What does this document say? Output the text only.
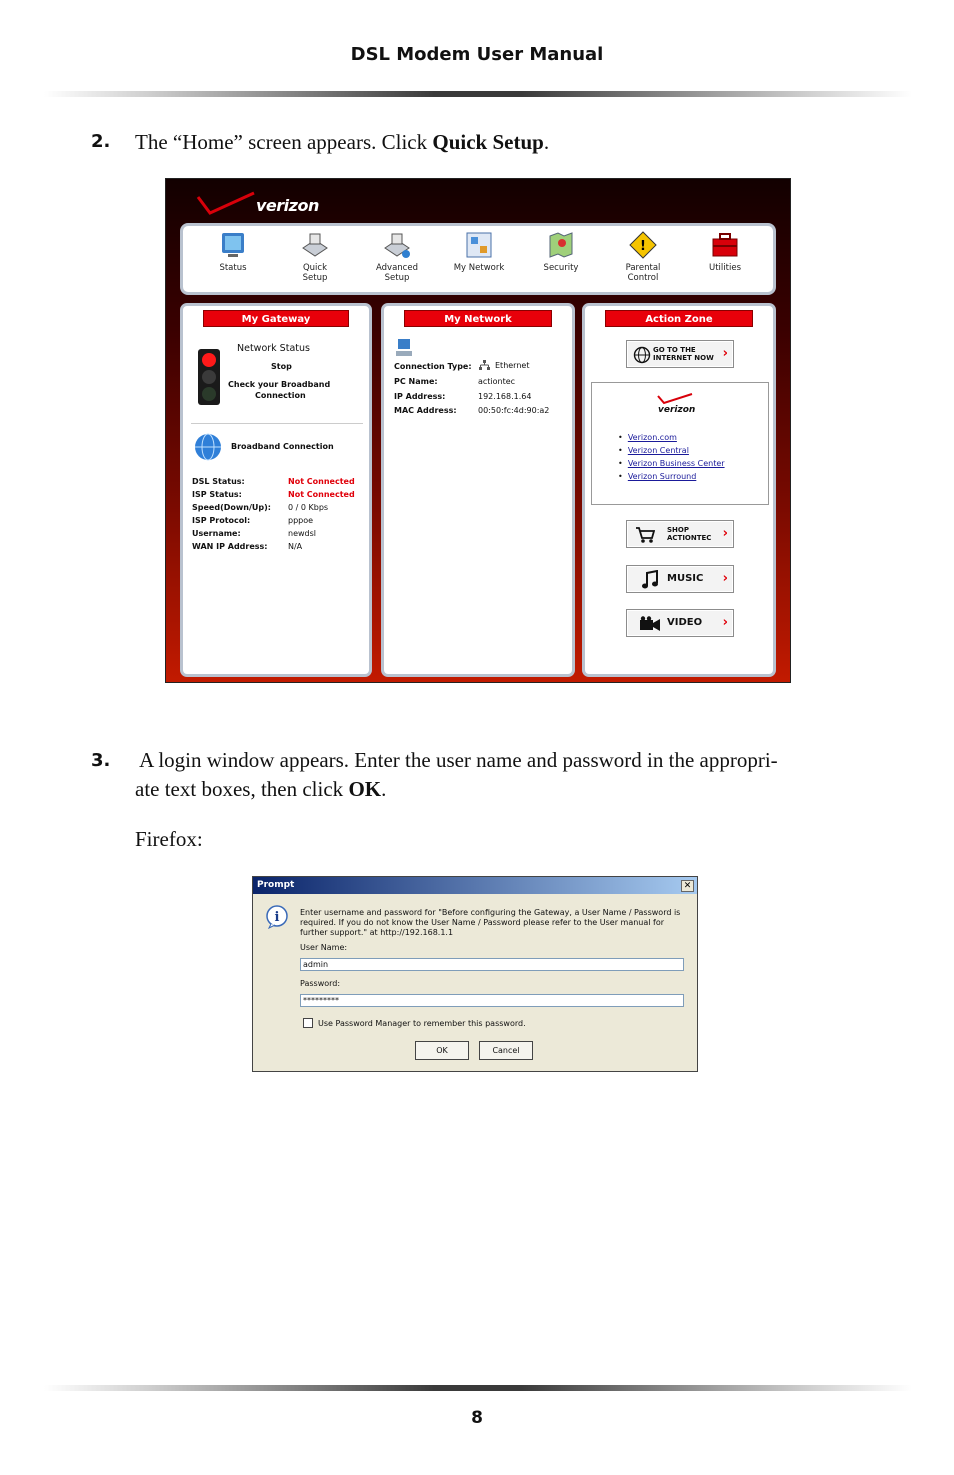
DSL Modem User Manual
2. The “Home” screen appears. Click Quick Setup.
verizon
Status	Quick Setup
Advanced Setup
My Network	Security
!
Parental Control
Utilities
My Gateway
Network Status
Stop
Check your Broadband
Connection
Broadband Connection
DSL Status:	Not Connected
ISP Status:	Not Connected
Speed(Down/Up): 0 / 0 Kbps
ISP Protocol:	pppoe
Username:	newdsl
WAN IP Address:	N/A
My Network
Connection Type:	Ethernet
PC Name:	actiontec
IP Address:	192.168.1.64
MAC Address:	00:50:fc:4d:90:a2
Action Zone
GO TO THE
INTERNET NOW ›
verizon
•  Verizon.com
•  Verizon Central
•  Verizon Business Center
•  Verizon Surround
SHOP
ACTIONTEC ›
MUSIC ›
VIDEO ›
3. A login window appears. Enter the user name and password in the appropri-
ate text boxes, then click OK.
Firefox:
Prompt	✕
i	Enter username and password for "Before configuring the Gateway, a User Name / Password is
required. If you do not know the User Name / Password please refer to the User manual for
further support." at http://192.168.1.1
User Name:
admin
Password:
*********
Use Password Manager to remember this password.
OK	Cancel
8
